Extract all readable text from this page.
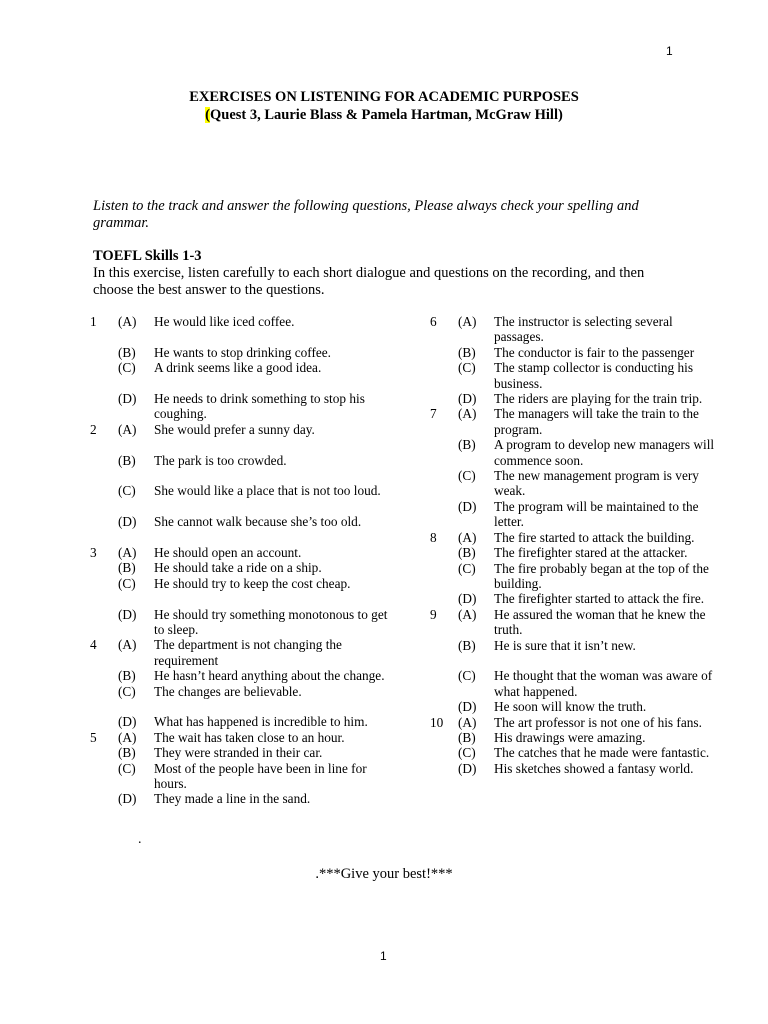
1
EXERCISES ON LISTENING FOR ACADEMIC PURPOSES
(Quest 3, Laurie Blass & Pamela Hartman, McGraw Hill)
Listen to the track and answer the following questions, Please always check your spelling and grammar.
TOEFL Skills 1-3
In this exercise, listen carefully to each short dialogue and questions on the recording, and then choose the best answer to the questions.
1 (A) He would like iced coffee.
(B) He wants to stop drinking coffee.
(C) A drink seems like a good idea.
(D) He needs to drink something to stop his coughing.
2 (A) She would prefer a sunny day.
(B) The park is too crowded.
(C) She would like a place that is not too loud.
(D) She cannot walk because she’s too old.
3 (A) He should open an account.
(B) He should take a ride on a ship.
(C) He should try to keep the cost cheap.
(D) He should try something monotonous to get to sleep.
4 (A) The department is not changing the requirement
(B) He hasn’t heard anything about the change.
(C) The changes are believable.
(D) What has happened is incredible to him.
5 (A) The wait has taken close to an hour.
(B) They were stranded in their car.
(C) Most of the people have been in line for hours.
(D) They made a line in the sand.
6 (A) The instructor is selecting several passages.
(B) The conductor is fair to the passenger
(C) The stamp collector is conducting his business.
(D) The riders are playing for the train trip.
7 (A) The managers will take the train to the program.
(B) A program to develop new managers will commence soon.
(C) The new management program is very weak.
(D) The program will be maintained to the letter.
8 (A) The fire started to attack the building.
(B) The firefighter stared at the attacker.
(C) The fire probably began at the top of the building.
(D) The firefighter started to attack the fire.
9 (A) He assured the woman that he knew the truth.
(B) He is sure that it isn’t new.
(C) He thought that the woman was aware of what happened.
(D) He soon will know the truth.
10 (A) The art professor is not one of his fans.
(B) His drawings were amazing.
(C) The catches that he made were fantastic.
(D) His sketches showed a fantasy world.
.
.***Give your best!***
1
